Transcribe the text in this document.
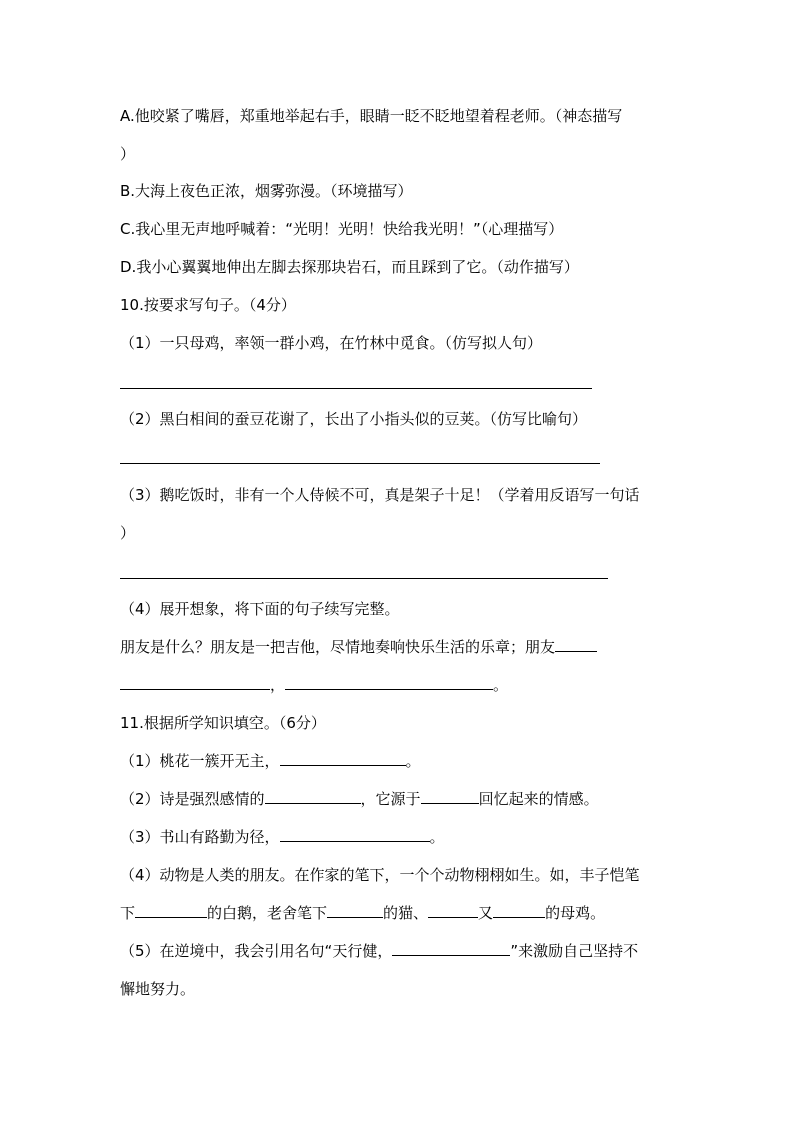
A.他咬紧了嘴唇，郑重地举起右手，眼睛一眨不眨地望着程老师。（神态描写
）
B.大海上夜色正浓，烟雾弥漫。（环境描写）
C.我心里无声地呼喊着：“光明！光明！快给我光明！”（心理描写）
D.我小心翼翼地伸出左脚去探那块岩石，而且踩到了它。（动作描写）
10.按要求写句子。（4分）
（1）一只母鸡，率领一群小鸡，在竹林中觅食。（仿写拟人句）
（2）黑白相间的蚕豆花谢了，长出了小指头似的豆荚。（仿写比喻句）
（3）鹅吃饭时，非有一个人侍候不可，真是架子十足！（学着用反语写一句话
）
（4）展开想象，将下面的句子续写完整。
朋友是什么？朋友是一把吉他，尽情地奏响快乐生活的乐章；朋友
，	。
11.根据所学知识填空。（6分）
（1）桃花一簇开无主，	。
（2）诗是强烈感情的	，它源于	回忆起来的情感。
（3）书山有路勤为径，	。
（4）动物是人类的朋友。在作家的笔下，一个个动物栩栩如生。如，丰子恺笔
下	的白鹅，老舍笔下	的猫、	又	的母鸡。
（5）在逆境中，我会引用名句“天行健，	”来激励自己坚持不
懈地努力。
